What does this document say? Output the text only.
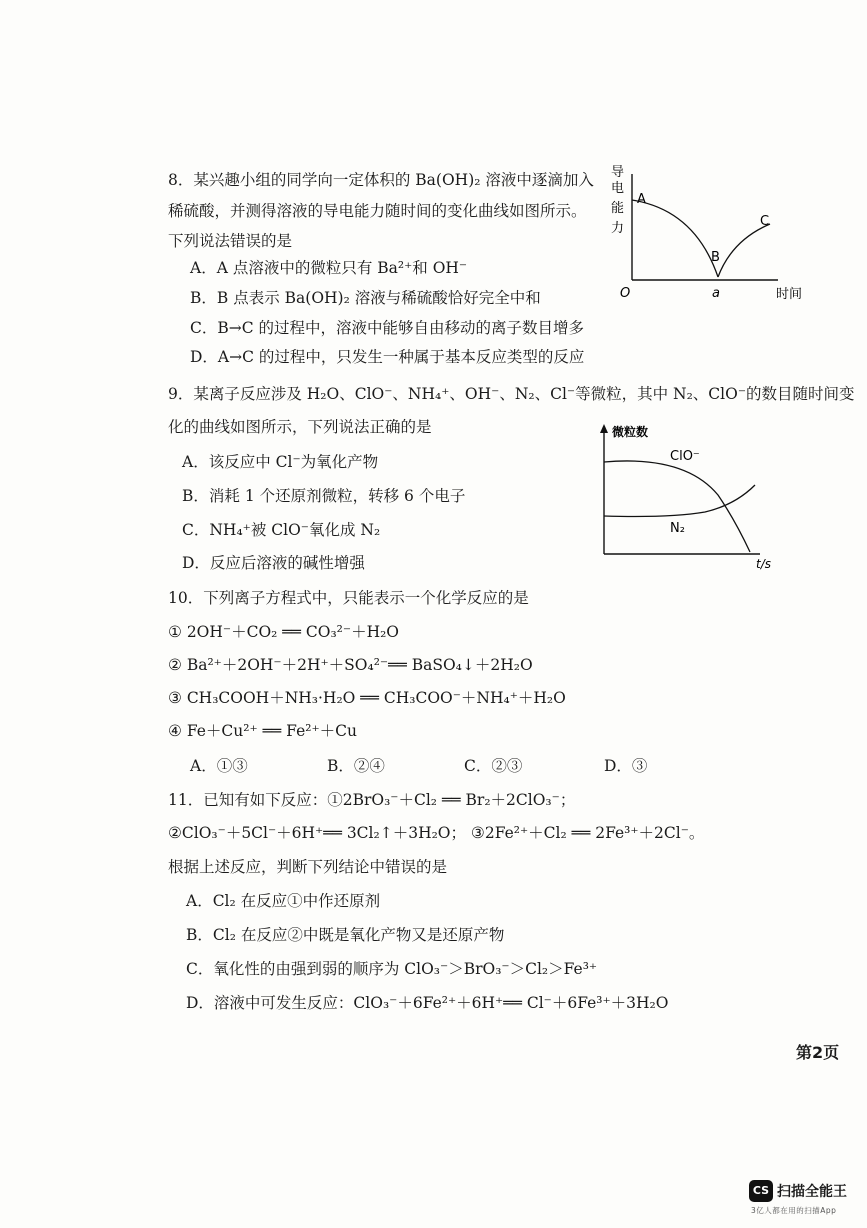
8．某兴趣小组的同学向一定体积的 Ba(OH)₂ 溶液中逐滴加入
稀硫酸，并测得溶液的导电能力随时间的变化曲线如图所示。
下列说法错误的是
A．A 点溶液中的微粒只有 Ba²⁺和 OH⁻
B．B 点表示 Ba(OH)₂ 溶液与稀硫酸恰好完全中和
C．B→C 的过程中，溶液中能够自由移动的离子数目增多
D．A→C 的过程中，只发生一种属于基本反应类型的反应
导
电
能
力
A
B
C
O	a	时间
9．某离子反应涉及 H₂O、ClO⁻、NH₄⁺、OH⁻、N₂、Cl⁻等微粒，其中 N₂、ClO⁻的数目随时间变
化的曲线如图所示，下列说法正确的是
A．该反应中 Cl⁻为氧化产物
B．消耗 1 个还原剂微粒，转移 6 个电子
C．NH₄⁺被 ClO⁻氧化成 N₂
D．反应后溶液的碱性增强
微粒数
ClO⁻
N₂
t/s
10．下列离子方程式中，只能表示一个化学反应的是
① 2OH⁻＋CO₂ ══ CO₃²⁻＋H₂O
② Ba²⁺＋2OH⁻＋2H⁺＋SO₄²⁻══ BaSO₄↓＋2H₂O
③ CH₃COOH＋NH₃·H₂O ══ CH₃COO⁻＋NH₄⁺＋H₂O
④ Fe＋Cu²⁺ ══ Fe²⁺＋Cu
A．①③	B．②④	C．②③	D．③
11．已知有如下反应：①2BrO₃⁻＋Cl₂ ══ Br₂＋2ClO₃⁻；
②ClO₃⁻＋5Cl⁻＋6H⁺══ 3Cl₂↑＋3H₂O； ③2Fe²⁺＋Cl₂ ══ 2Fe³⁺＋2Cl⁻。
根据上述反应，判断下列结论中错误的是
A．Cl₂ 在反应①中作还原剂
B．Cl₂ 在反应②中既是氧化产物又是还原产物
C．氧化性的由强到弱的顺序为 ClO₃⁻＞BrO₃⁻＞Cl₂＞Fe³⁺
D．溶液中可发生反应：ClO₃⁻＋6Fe²⁺＋6H⁺══ Cl⁻＋6Fe³⁺＋3H₂O
第2页
CS 扫描全能王
3亿人都在用的扫描App
